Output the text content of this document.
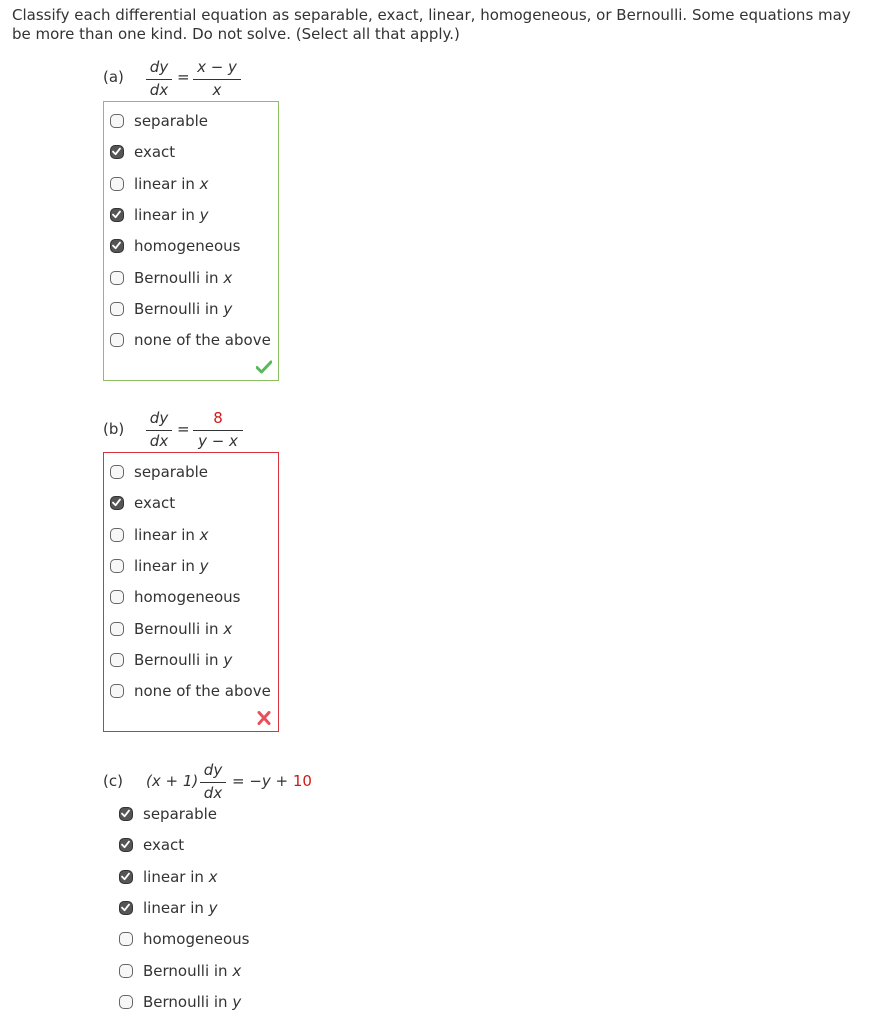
Classify each differential equation as separable, exact, linear, homogeneous, or Bernoulli. Some equations may be more than one kind. Do not solve. (Select all that apply.)
(a)
dy
dx
=
x − y
x
separable
exact
linear in x
linear in y
homogeneous
Bernoulli in x
Bernoulli in y
none of the above
(b)
dy
dx
=
8
y − x
separable
exact
linear in x
linear in y
homogeneous
Bernoulli in x
Bernoulli in y
none of the above
(c) (x + 1)
dy
dx
= −y + 10
separable
exact
linear in x
linear in y
homogeneous
Bernoulli in x
Bernoulli in y
